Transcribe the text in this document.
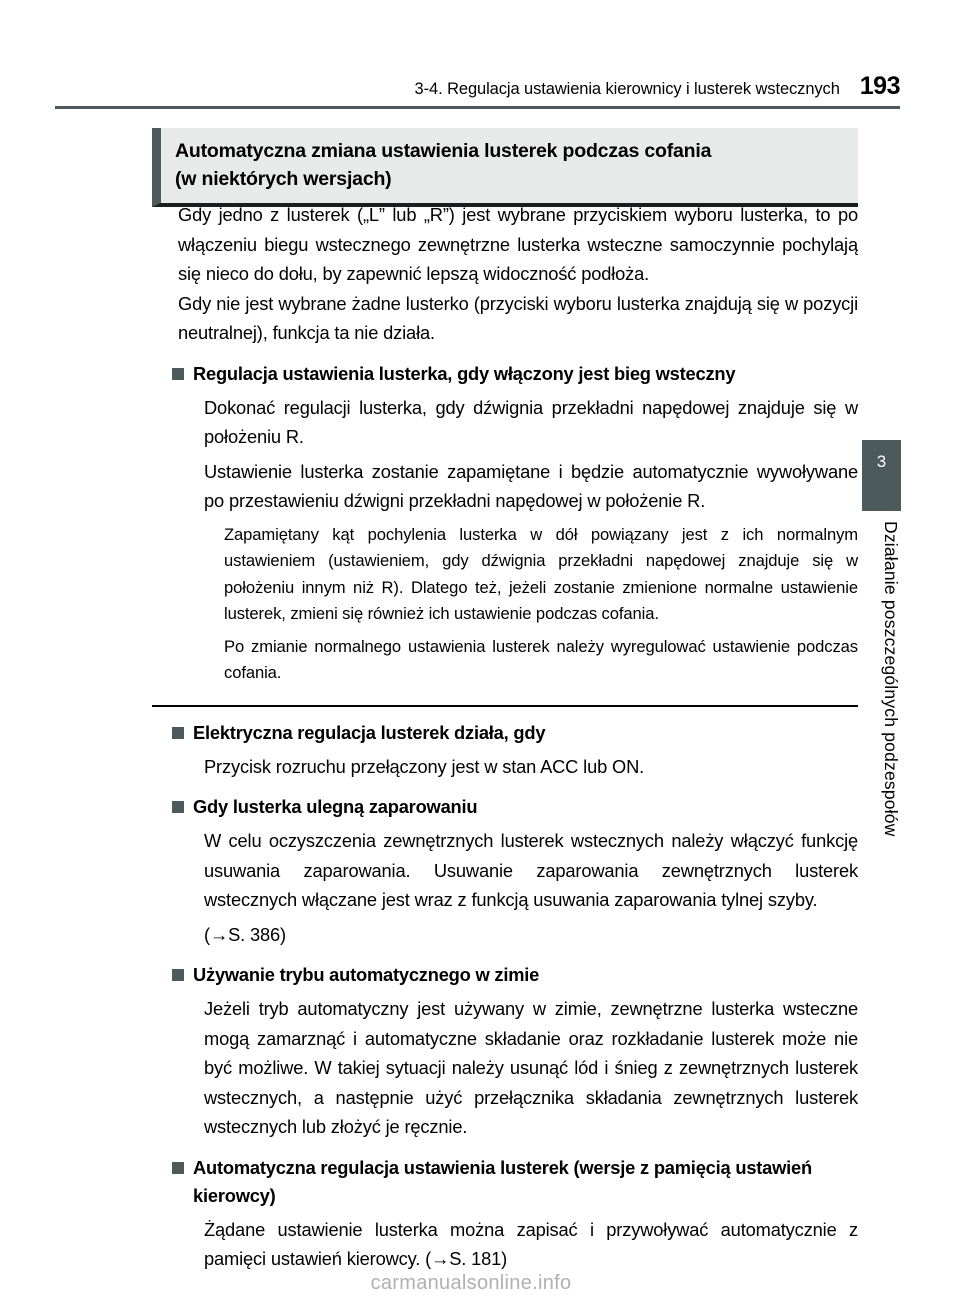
3-4. Regulacja ustawienia kierownicy i lusterek wstecznych 193
Automatyczna zmiana ustawienia lusterek podczas cofania
(w niektórych wersjach)

Gdy jedno z lusterek („L” lub „R”) jest wybrane przyciskiem wyboru lusterka, to po włączeniu biegu wstecznego zewnętrzne lusterka wsteczne samoczynnie pochylają się nieco do dołu, by zapewnić lepszą widoczność podłoża.

Gdy nie jest wybrane żadne lusterko (przyciski wyboru lusterka znajdują się w pozycji neutralnej), funkcja ta nie działa.

Regulacja ustawienia lusterka, gdy włączony jest bieg wsteczny

Dokonać regulacji lusterka, gdy dźwignia przekładni napędowej znajduje się w położeniu R.

Ustawienie lusterka zostanie zapamiętane i będzie automatycznie wywoływane po przestawieniu dźwigni przekładni napędowej w położenie R.

Zapamiętany kąt pochylenia lusterka w dół powiązany jest z ich normalnym ustawieniem (ustawieniem, gdy dźwignia przekładni napędowej znajduje się w położeniu innym niż R). Dlatego też, jeżeli zostanie zmienione normalne ustawienie lusterek, zmieni się również ich ustawienie podczas cofania.

Po zmianie normalnego ustawienia lusterek należy wyregulować ustawienie podczas cofania.

Elektryczna regulacja lusterek działa, gdy

Przycisk rozruchu przełączony jest w stan ACC lub ON.

Gdy lusterka ulegną zaparowaniu

W celu oczyszczenia zewnętrznych lusterek wstecznych należy włączyć funkcję usuwania zaparowania. Usuwanie zaparowania zewnętrznych lusterek wstecznych włączane jest wraz z funkcją usuwania zaparowania tylnej szyby.

(→S. 386)

Używanie trybu automatycznego w zimie

Jeżeli tryb automatyczny jest używany w zimie, zewnętrzne lusterka wsteczne mogą zamarznąć i automatyczne składanie oraz rozkładanie lusterek może nie być możliwe. W takiej sytuacji należy usunąć lód i śnieg z zewnętrznych lusterek wstecznych, a następnie użyć przełącznika składania zewnętrznych lusterek wstecznych lub złożyć je ręcznie.

Automatyczna regulacja ustawienia lusterek (wersje z pamięcią ustawień
kierowcy)

Żądane ustawienie lusterka można zapisać i przywoływać automatycznie z pamięci ustawień kierowcy. (→S. 181)

3
Działanie poszczególnych podzespołów
carmanualsonline.info
